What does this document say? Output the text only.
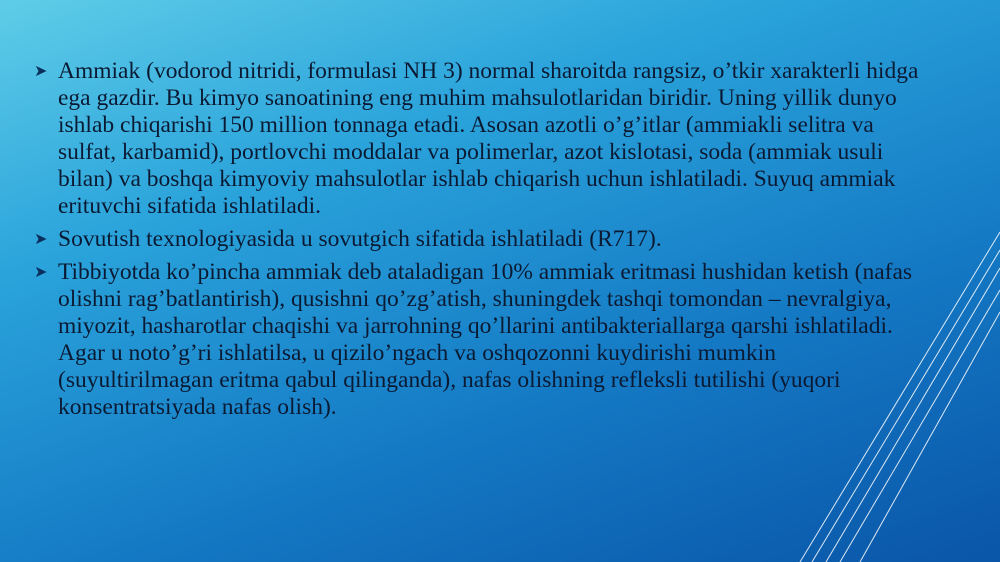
➤ Ammiak (vodorod nitridi, formulasi NH 3) normal sharoitda rangsiz, o’tkir xarakterli hidga ega gazdir. Bu kimyo sanoatining eng muhim mahsulotlaridan biridir. Uning yillik dunyo ishlab chiqarishi 150 million tonnaga etadi. Asosan azotli o’g’itlar (ammiakli selitra va sulfat, karbamid), portlovchi moddalar va polimerlar, azot kislotasi, soda (ammiak usuli bilan) va boshqa kimyoviy mahsulotlar ishlab chiqarish uchun ishlatiladi. Suyuq ammiak erituvchi sifatida ishlatiladi.
➤ Sovutish texnologiyasida u sovutgich sifatida ishlatiladi (R717).
➤ Tibbiyotda ko’pincha ammiak deb ataladigan 10% ammiak eritmasi hushidan ketish (nafas olishni rag’batlantirish), qusishni qo’zg’atish, shuningdek tashqi tomondan – nevralgiya, miyozit, hasharotlar chaqishi va jarrohning qo’llarini antibakteriallarga qarshi ishlatiladi. Agar u noto’g’ri ishlatilsa, u qizilo’ngach va oshqozonni kuydirishi mumkin (suyultirilmagan eritma qabul qilinganda), nafas olishning refleksli tutilishi (yuqori konsentratsiyada nafas olish).
